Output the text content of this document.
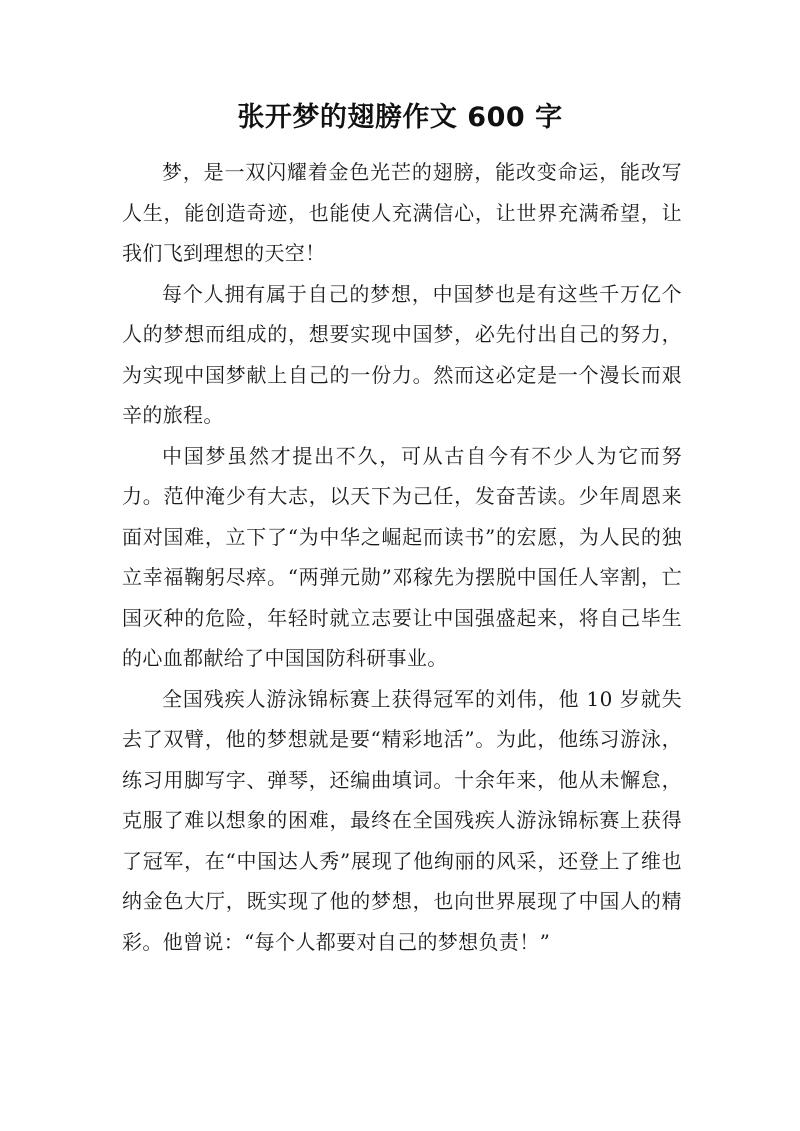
张开梦的翅膀作文 600 字

梦，是一双闪耀着金色光芒的翅膀，能改变命运，能改写人生，能创造奇迹，也能使人充满信心，让世界充满希望，让我们飞到理想的天空！

每个人拥有属于自己的梦想，中国梦也是有这些千万亿个人的梦想而组成的，想要实现中国梦，必先付出自己的努力，为实现中国梦献上自己的一份力。然而这必定是一个漫长而艰辛的旅程。

中国梦虽然才提出不久，可从古自今有不少人为它而努力。范仲淹少有大志，以天下为己任，发奋苦读。少年周恩来面对国难，立下了“为中华之崛起而读书”的宏愿，为人民的独立幸福鞠躬尽瘁。“两弹元勋”邓稼先为摆脱中国任人宰割，亡国灭种的危险，年轻时就立志要让中国强盛起来，将自己毕生的心血都献给了中国国防科研事业。

全国残疾人游泳锦标赛上获得冠军的刘伟，他 10 岁就失去了双臂，他的梦想就是要“精彩地活”。为此，他练习游泳，练习用脚写字、弹琴，还编曲填词。十余年来，他从未懈怠，克服了难以想象的困难，最终在全国残疾人游泳锦标赛上获得了冠军，在“中国达人秀”展现了他绚丽的风采，还登上了维也纳金色大厅，既实现了他的梦想，也向世界展现了中国人的精彩。他曾说：“每个人都要对自己的梦想负责！”
